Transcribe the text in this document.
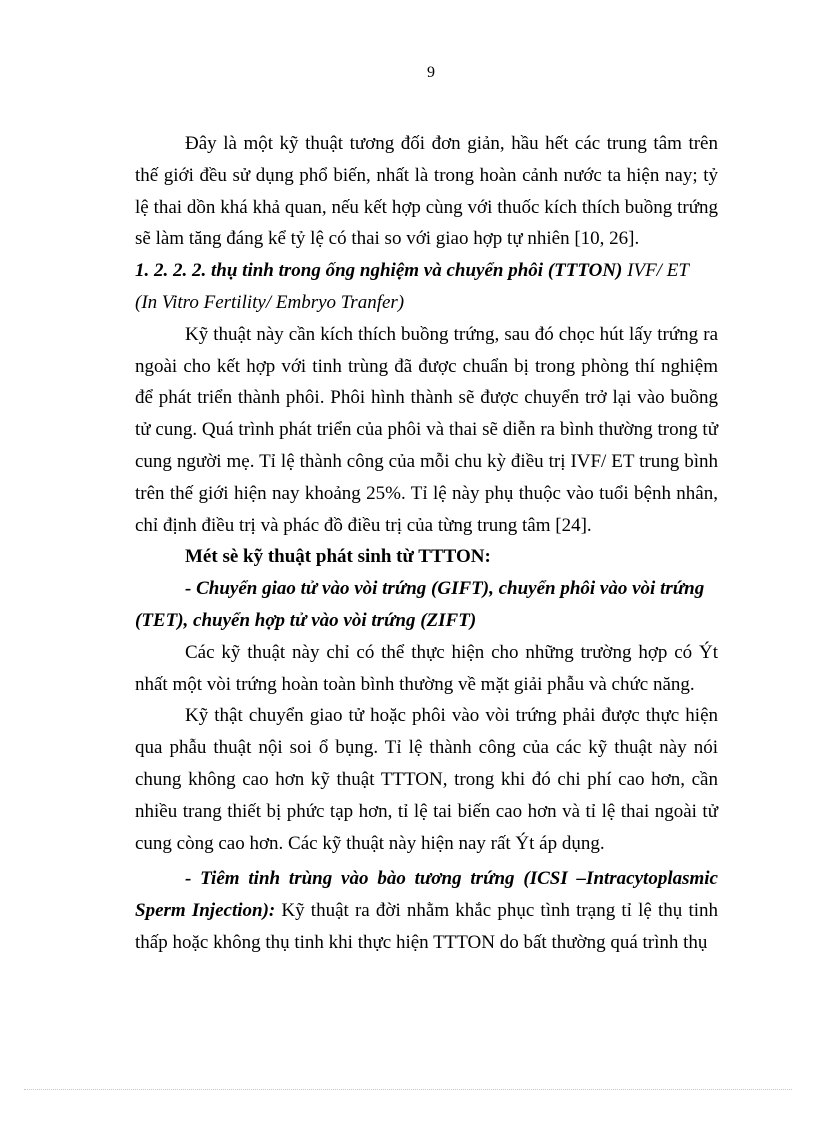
9

Đây là một kỹ thuật tương đối đơn giản, hầu hết các trung tâm trên thế giới đều sử dụng phổ biến, nhất là trong hoàn cảnh nước ta hiện nay; tỷ lệ thai dồn khá khả quan, nếu kết hợp cùng với thuốc kích thích buồng trứng sẽ làm tăng đáng kể tỷ lệ có thai so với giao hợp tự nhiên [10, 26].

1. 2. 2. 2. thụ tinh trong ống nghiệm và chuyển phôi (TTTON) IVF/ ET

(In Vitro Fertility/ Embryo Tranfer)

Kỹ thuật này cần kích thích buồng trứng, sau đó chọc hút lấy trứng ra ngoài cho kết hợp với tinh trùng đã được chuẩn bị trong phòng thí nghiệm để phát triển thành phôi. Phôi hình thành sẽ được chuyển trở lại vào buồng tử cung. Quá trình phát triển của phôi và thai sẽ diễn ra bình thường trong tử cung người mẹ. Tỉ lệ thành công của mỗi chu kỳ điều trị IVF/ ET trung bình trên thế giới hiện nay khoảng 25%. Tỉ lệ này phụ thuộc vào tuổi bệnh nhân, chỉ định điều trị và phác đồ điều trị của từng trung tâm [24].

Mét sè kỹ thuật phát sinh từ TTTON:

- Chuyển giao tử vào vòi trứng (GIFT), chuyển phôi vào vòi trứng (TET), chuyển hợp tử vào vòi trứng (ZIFT)

Các kỹ thuật này chỉ có thể thực hiện cho những trường hợp có Ýt nhất một vòi trứng hoàn toàn bình thường về mặt giải phẫu và chức năng.

Kỹ thật chuyển giao tử hoặc phôi vào vòi trứng phải được thực hiện qua phẫu thuật nội soi ổ bụng. Tỉ lệ thành công của các kỹ thuật này nói chung không cao hơn kỹ thuật TTTON, trong khi đó chi phí cao hơn, cần nhiều trang thiết bị phức tạp hơn, tỉ lệ tai biến cao hơn và tỉ lệ thai ngoài tử cung còng cao hơn. Các kỹ thuật này hiện nay rất Ýt áp dụng.

- Tiêm tinh trùng vào bào tương trứng (ICSI –Intracytoplasmic Sperm Injection): Kỹ thuật ra đời nhằm khắc phục tình trạng tỉ lệ thụ tinh thấp hoặc không thụ tinh khi thực hiện TTTON do bất thường quá trình thụ
